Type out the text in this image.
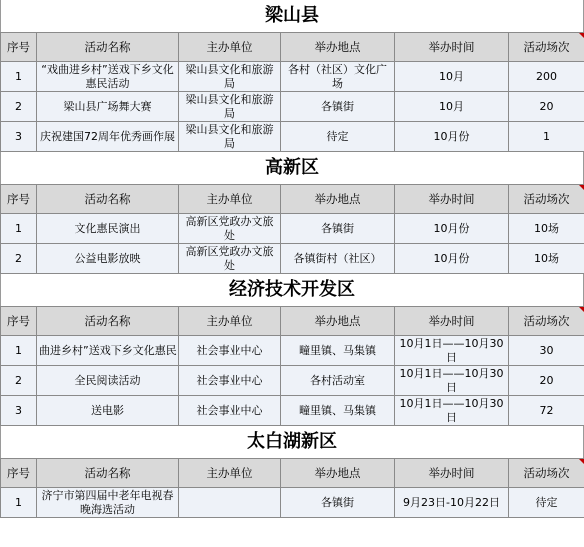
梁山县
序号	活动名称	主办单位	举办地点	举办时间	活动场次
1	“戏曲进乡村”送戏下乡文化惠民活动	梁山县文化和旅游局	各村（社区）文化广场	10月	200
2	梁山县广场舞大赛	梁山县文化和旅游局	各镇街	10月	20
3	庆祝建国72周年优秀画作展	梁山县文化和旅游局	待定	10月份	1
高新区
序号	活动名称	主办单位	举办地点	举办时间	活动场次
1	文化惠民演出	高新区党政办文旅处	各镇街	10月份	10场
2	公益电影放映	高新区党政办文旅处	各镇街村（社区）	10月份	10场
经济技术开发区
序号	活动名称	主办单位	举办地点	举办时间	活动场次
1	曲进乡村”送戏下乡文化惠民	社会事业中心	疃里镇、马集镇	10月1日——10月30日	30
2	全民阅读活动	社会事业中心	各村活动室	10月1日——10月30日	20
3	送电影	社会事业中心	疃里镇、马集镇	10月1日——10月30日	72
太白湖新区
序号	活动名称	主办单位	举办地点	举办时间	活动场次
1	济宁市第四届中老年电视春晚海选活动		各镇街	9月23日-10月22日	待定
